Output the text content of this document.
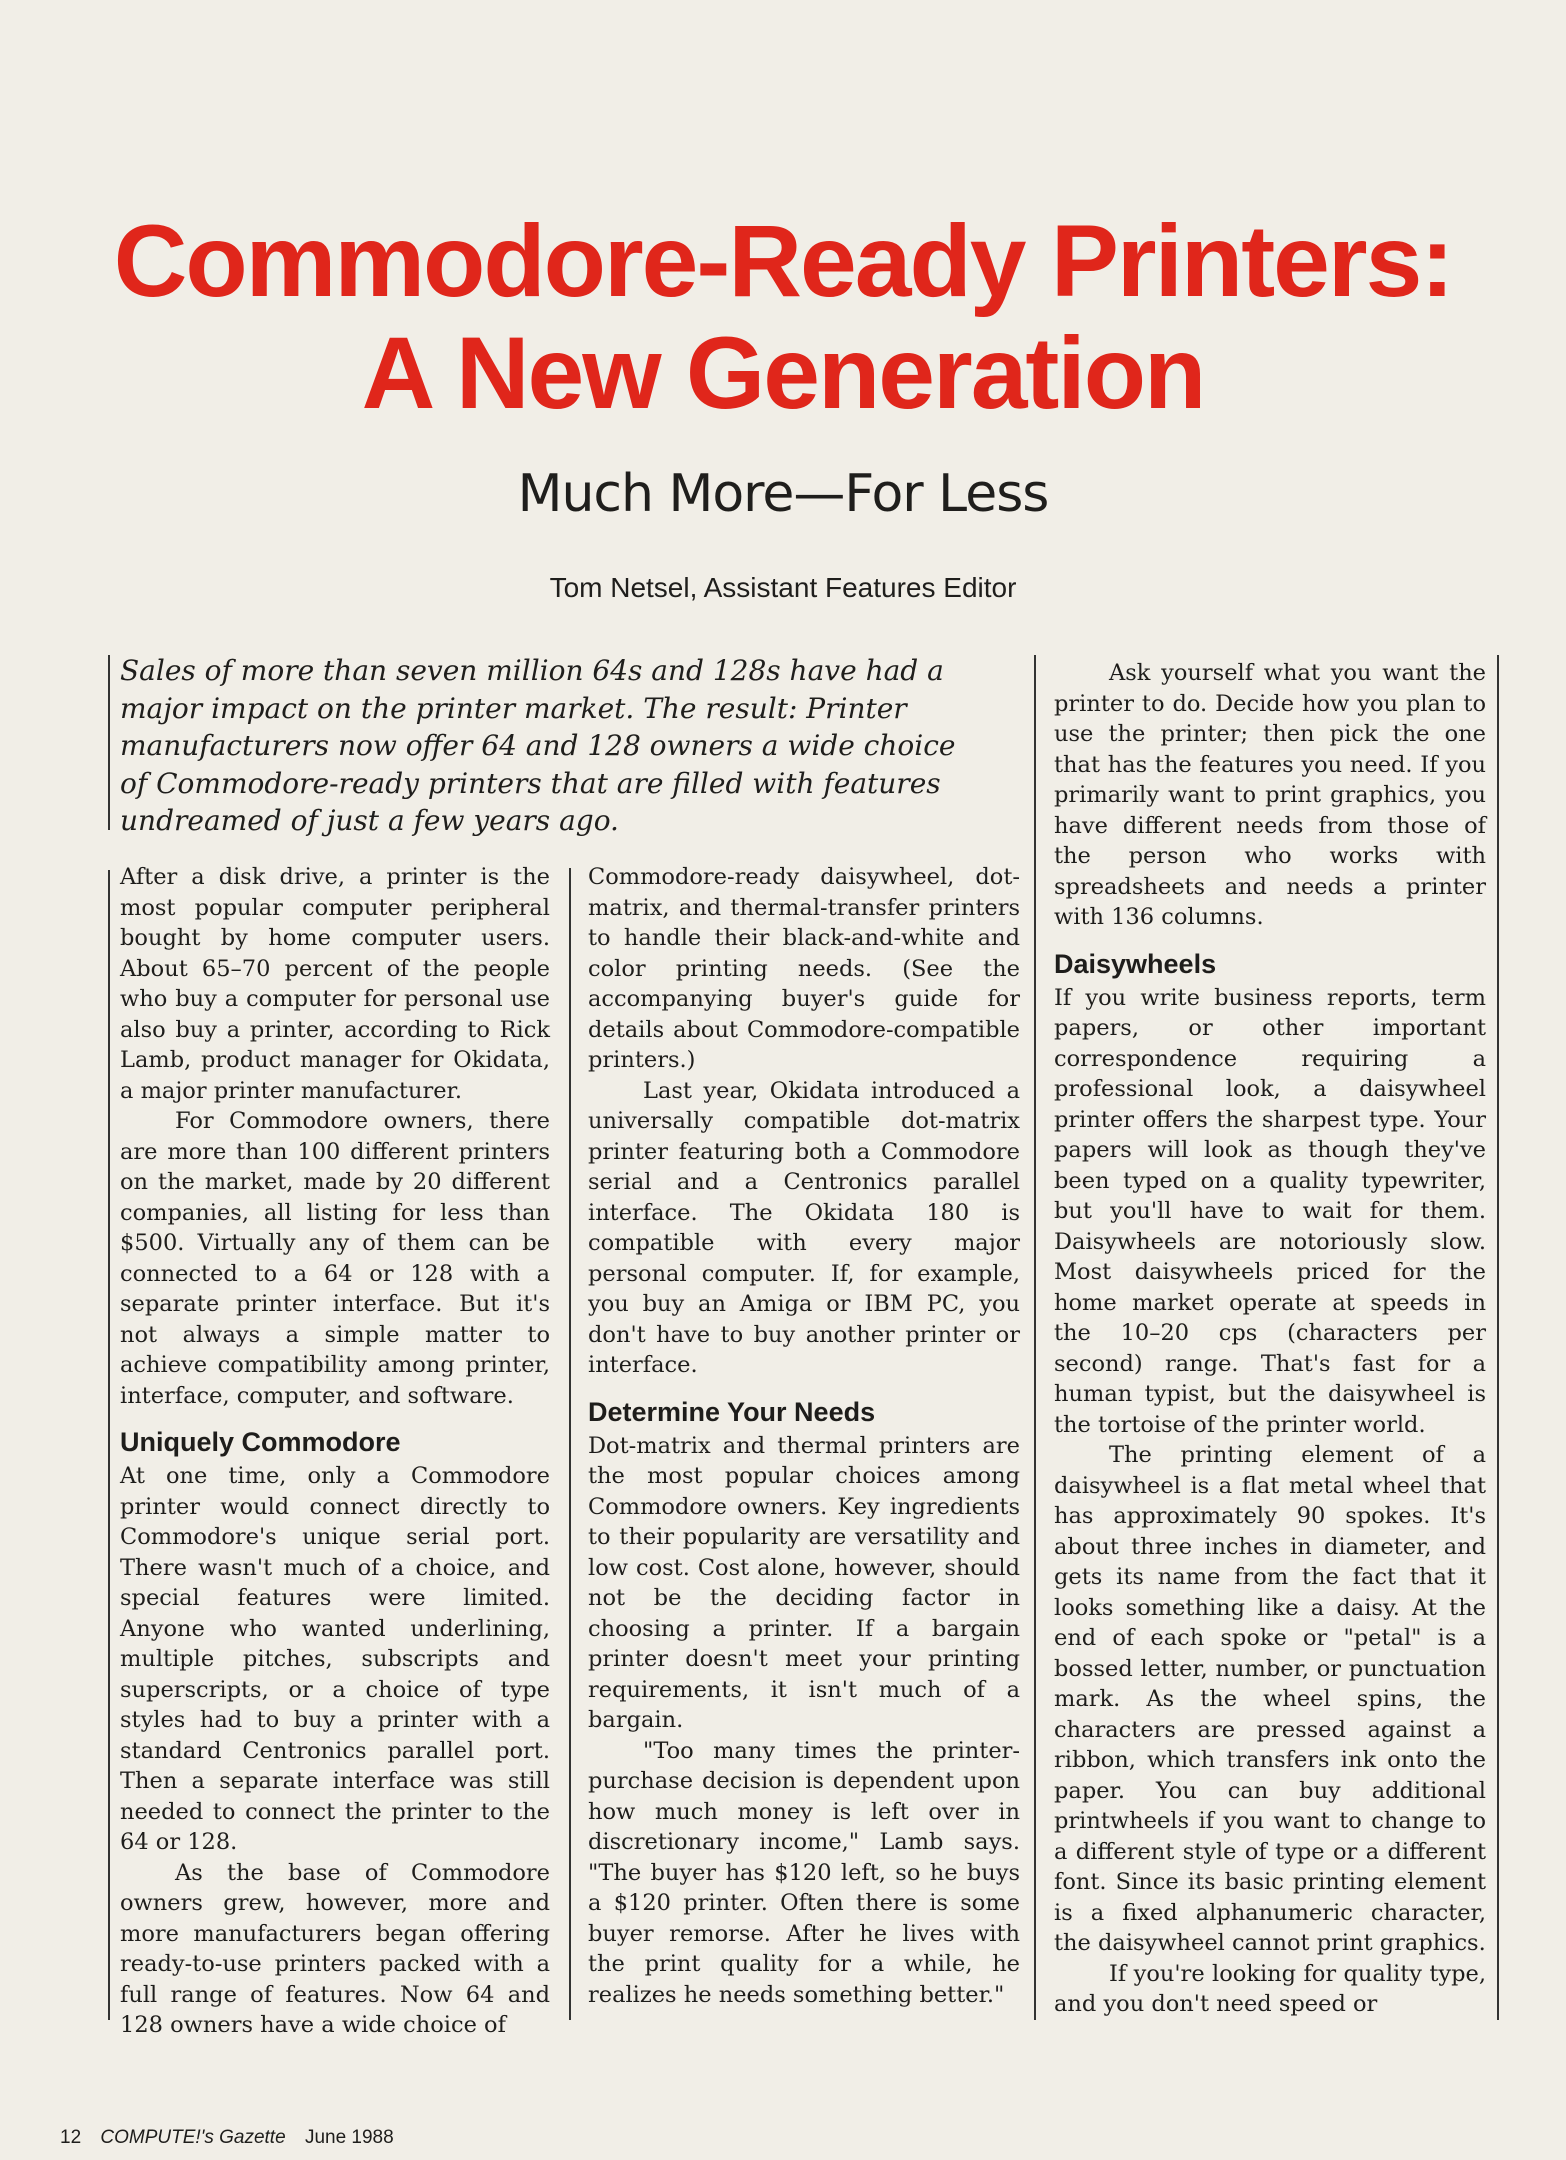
Commodore-Ready Printers:
A New Generation
Much More—For Less
Tom Netsel, Assistant Features Editor

Sales of more than seven million 64s and 128s have had a major impact on the printer market. The result: Printer manufacturers now offer 64 and 128 owners a wide choice of Commodore-ready printers that are filled with features undreamed of just a few years ago.

After a disk drive, a printer is the most popular computer peripheral bought by home computer users. About 65–70 percent of the people who buy a computer for personal use also buy a printer, according to Rick Lamb, product manager for Okidata, a major printer manufacturer.

For Commodore owners, there are more than 100 different printers on the market, made by 20 different companies, all listing for less than $500. Virtually any of them can be connected to a 64 or 128 with a separate printer interface. But it's not always a simple matter to achieve compatibility among printer, interface, computer, and software.

Uniquely Commodore

At one time, only a Commodore printer would connect directly to Commodore's unique serial port. There wasn't much of a choice, and special features were limited. Anyone who wanted underlining, multiple pitches, subscripts and superscripts, or a choice of type styles had to buy a printer with a standard Centronics parallel port. Then a separate interface was still needed to connect the printer to the 64 or 128.

As the base of Commodore owners grew, however, more and more manufacturers began offering ready-to-use printers packed with a full range of features. Now 64 and 128 owners have a wide choice of

Commodore-ready daisywheel, dot-matrix, and thermal-transfer printers to handle their black-and-white and color printing needs. (See the accompanying buyer's guide for details about Commodore-compatible printers.)

Last year, Okidata introduced a universally compatible dot-matrix printer featuring both a Commodore serial and a Centronics parallel interface. The Okidata 180 is compatible with every major personal computer. If, for example, you buy an Amiga or IBM PC, you don't have to buy another printer or interface.

Determine Your Needs

Dot-matrix and thermal printers are the most popular choices among Commodore owners. Key ingredients to their popularity are versatility and low cost. Cost alone, however, should not be the deciding factor in choosing a printer. If a bargain printer doesn't meet your printing requirements, it isn't much of a bargain.

"Too many times the printer-purchase decision is dependent upon how much money is left over in discretionary income," Lamb says. "The buyer has $120 left, so he buys a $120 printer. Often there is some buyer remorse. After he lives with the print quality for a while, he realizes he needs something better."

Ask yourself what you want the printer to do. Decide how you plan to use the printer; then pick the one that has the features you need. If you primarily want to print graphics, you have different needs from those of the person who works with spreadsheets and needs a printer with 136 columns.

Daisywheels

If you write business reports, term papers, or other important correspondence requiring a professional look, a daisywheel printer offers the sharpest type. Your papers will look as though they've been typed on a quality typewriter, but you'll have to wait for them. Daisywheels are notoriously slow. Most daisywheels priced for the home market operate at speeds in the 10–20 cps (characters per second) range. That's fast for a human typist, but the daisywheel is the tortoise of the printer world.

The printing element of a daisywheel is a flat metal wheel that has approximately 90 spokes. It's about three inches in diameter, and gets its name from the fact that it looks something like a daisy. At the end of each spoke or "petal" is a bossed letter, number, or punctuation mark. As the wheel spins, the characters are pressed against a ribbon, which transfers ink onto the paper. You can buy additional printwheels if you want to change to a different style of type or a different font. Since its basic printing element is a fixed alphanumeric character, the daisywheel cannot print graphics.

If you're looking for quality type, and you don't need speed or

12 COMPUTE!'s Gazette June 1988
